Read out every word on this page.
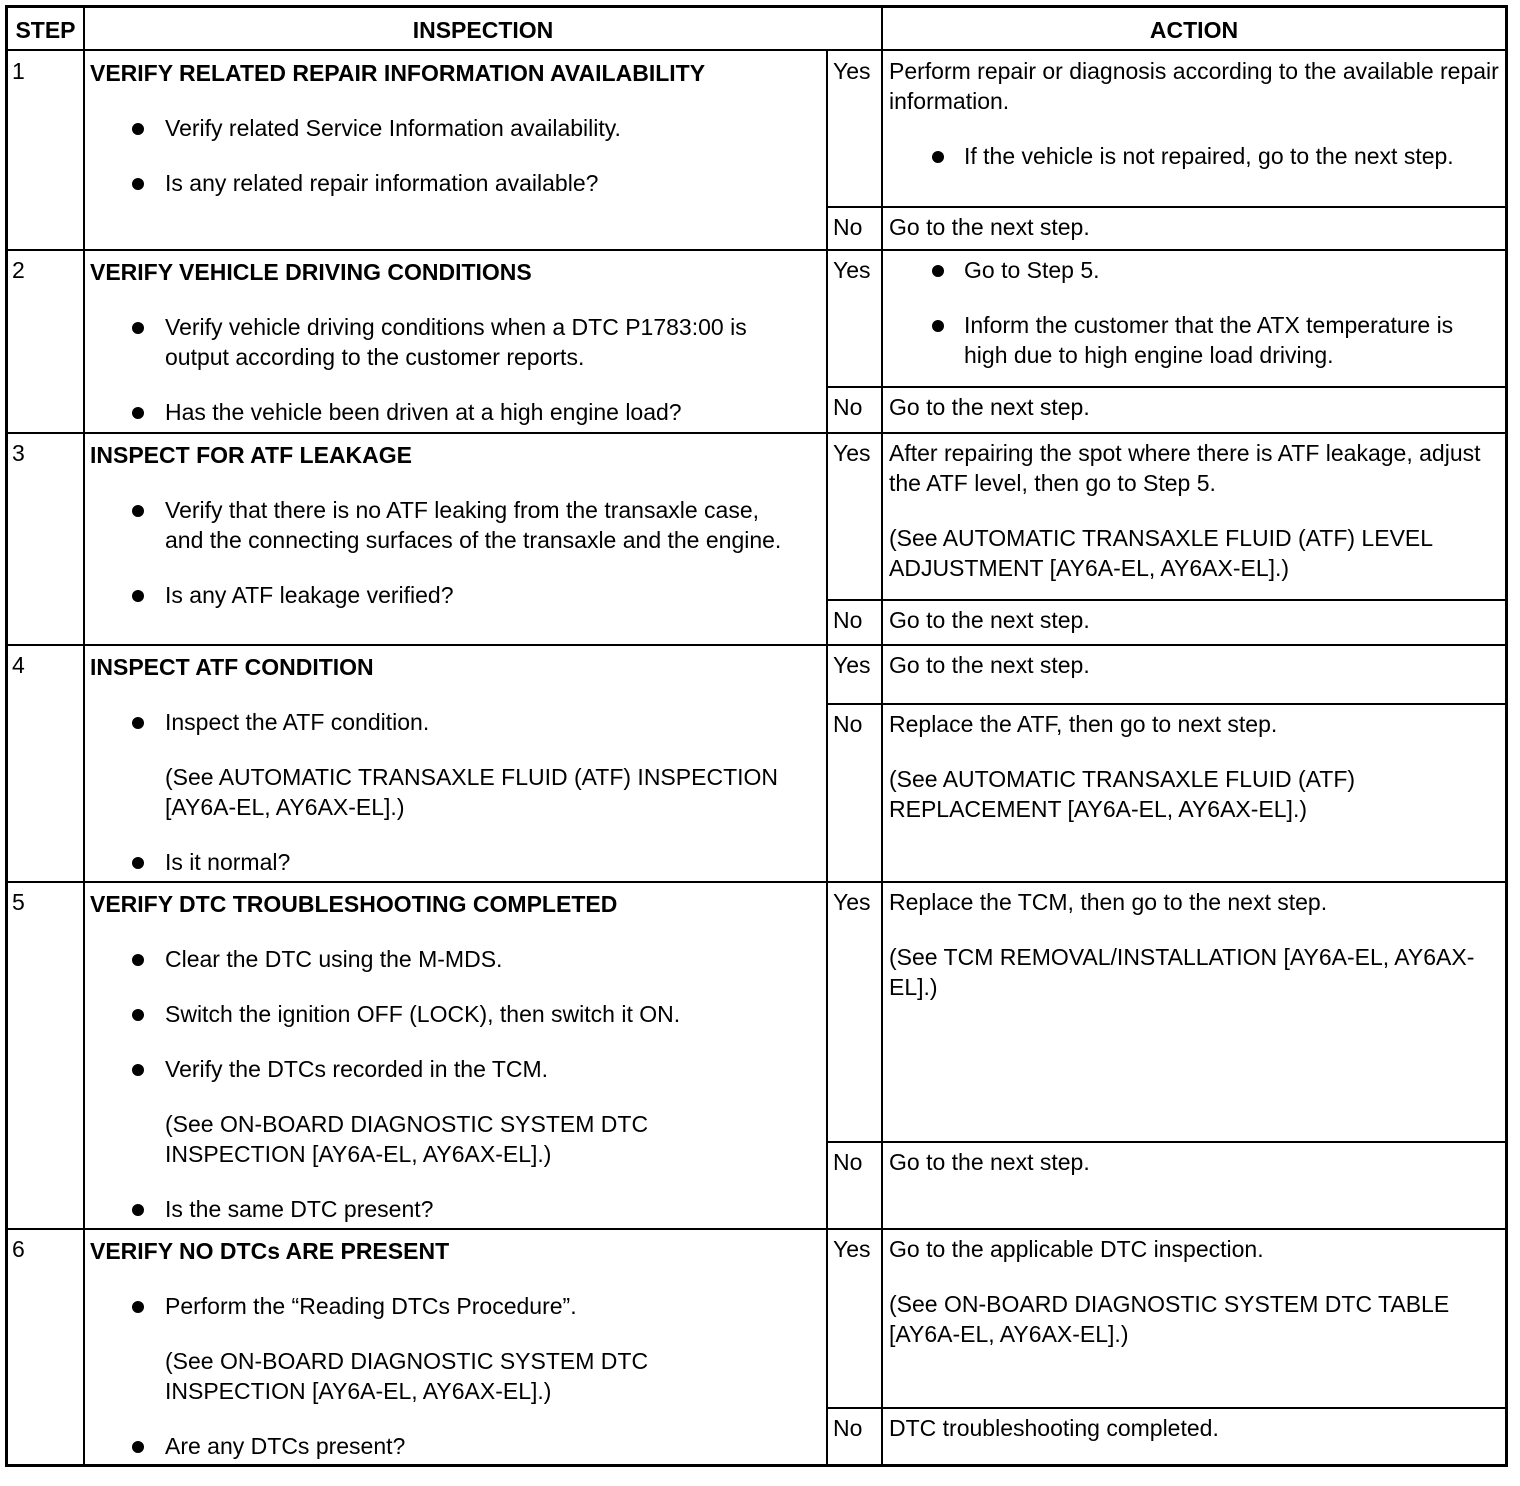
STEP	INSPECTION	ACTION
1	VERIFY RELATED REPAIR INFORMATION AVAILABILITY
Verify related Service Information availability.
Is any related repair information available?
Yes Perform repair or diagnosis according to the available repair information.

If the vehicle is not repaired, go to the next step.
No	Go to the next step.
2	VERIFY VEHICLE DRIVING CONDITIONS
Verify vehicle driving conditions when a DTC P1783:00 is output according to the customer reports.
Has the vehicle been driven at a high engine load?
Yes	Go to Step 5.
Inform the customer that the ATX temperature is high due to high engine load driving.
No	Go to the next step.
3	INSPECT FOR ATF LEAKAGE
Verify that there is no ATF leaking from the transaxle case, and the connecting surfaces of the transaxle and the engine.
Is any ATF leakage verified?
Yes After repairing the spot where there is ATF leakage, adjust the ATF level, then go to Step 5.

(See AUTOMATIC TRANSAXLE FLUID (ATF) LEVEL ADJUSTMENT [AY6A-EL, AY6AX-EL].)

No	Go to the next step.
4	INSPECT ATF CONDITION
Inspect the ATF condition.
(See AUTOMATIC TRANSAXLE FLUID (ATF) INSPECTION [AY6A-EL, AY6AX-EL].)
Is it normal?
Yes Go to the next step.
No	Replace the ATF, then go to next step.

(See AUTOMATIC TRANSAXLE FLUID (ATF) REPLACEMENT [AY6A-EL, AY6AX-EL].)

5	VERIFY DTC TROUBLESHOOTING COMPLETED
Clear the DTC using the M-MDS.
Switch the ignition OFF (LOCK), then switch it ON.
Verify the DTCs recorded in the TCM.
(See ON-BOARD DIAGNOSTIC SYSTEM DTC INSPECTION [AY6A-EL, AY6AX-EL].)
Is the same DTC present?
Yes Replace the TCM, then go to the next step.

(See TCM REMOVAL/INSTALLATION [AY6A-EL, AY6AX-EL].)

No	Go to the next step.
6	VERIFY NO DTCs ARE PRESENT
Perform the “Reading DTCs Procedure”.
(See ON-BOARD DIAGNOSTIC SYSTEM DTC INSPECTION [AY6A-EL, AY6AX-EL].)
Are any DTCs present?
Yes Go to the applicable DTC inspection.

(See ON-BOARD DIAGNOSTIC SYSTEM DTC TABLE [AY6A-EL, AY6AX-EL].)

No	DTC troubleshooting completed.
